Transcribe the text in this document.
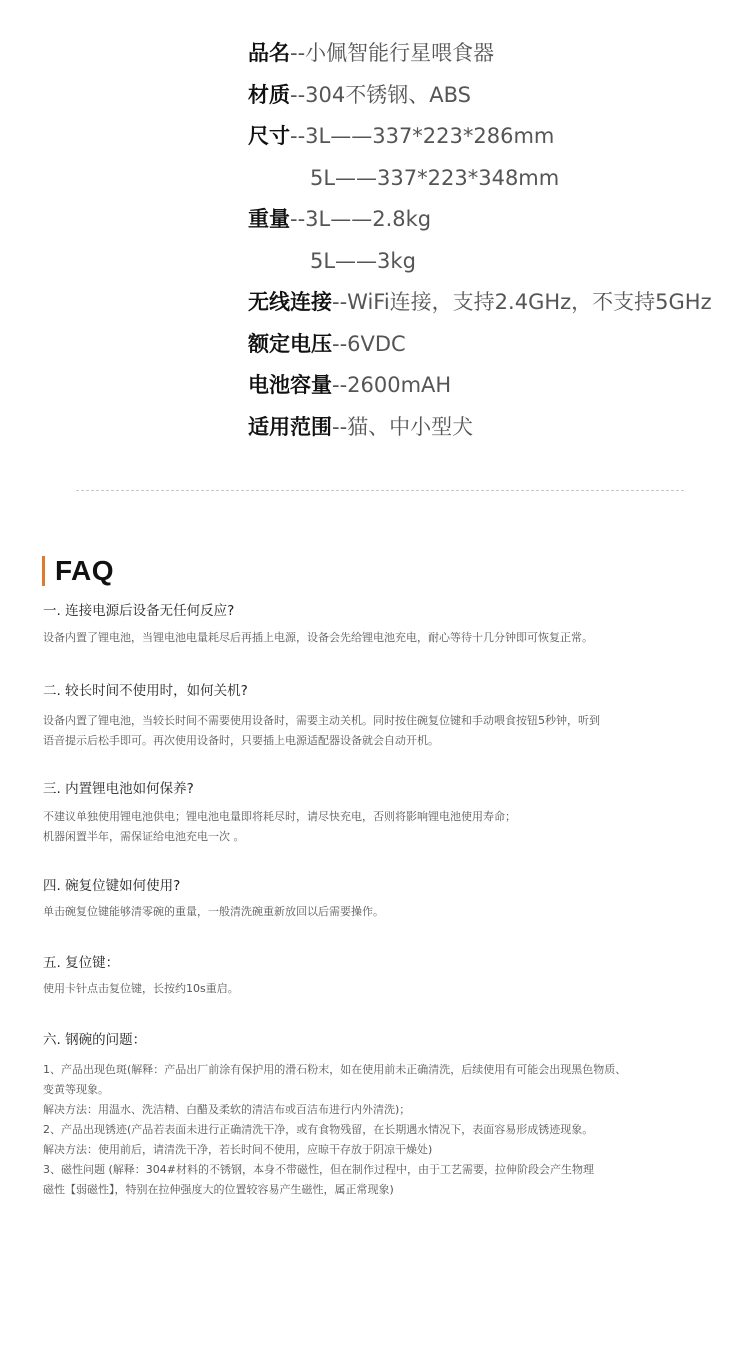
品名--小佩智能行星喂食器
材质--304不锈钢、ABS
尺寸--3L——337*223*286mm
5L——337*223*348mm
重量--3L——2.8kg
5L——3kg
无线连接--WiFi连接，支持2.4GHz，不支持5GHz
额定电压--6VDC
电池容量--2600mAH
适用范围--猫、中小型犬
FAQ

一. 连接电源后设备无任何反应?

设备内置了锂电池，当锂电池电量耗尽后再插上电源，设备会先给锂电池充电，耐心等待十几分钟即可恢复正常。

二. 较长时间不使用时，如何关机?

设备内置了锂电池，当较长时间不需要使用设备时，需要主动关机。同时按住碗复位键和手动喂食按钮5秒钟，听到

语音提示后松手即可。再次使用设备时，只要插上电源适配器设备就会自动开机。

三. 内置锂电池如何保养?

不建议单独使用锂电池供电；锂电池电量即将耗尽时，请尽快充电，否则将影响锂电池使用寿命；

机器闲置半年，需保证给电池充电一次 。

四. 碗复位键如何使用?

单击碗复位键能够清零碗的重量，一般清洗碗重新放回以后需要操作。

五. 复位键：

使用卡针点击复位键，长按约10s重启。

六. 钢碗的问题：

1、产品出现色斑(解释：产品出厂前涂有保护用的滑石粉末，如在使用前未正确清洗，后续使用有可能会出现黑色物质、

变黄等现象。

解决方法：用温水、洗洁精、白醋及柔软的清洁布或百洁布进行内外清洗)；

2、产品出现锈迹(产品若表面未进行正确清洗干净，或有食物残留，在长期遇水情况下，表面容易形成锈迹现象。

解决方法：使用前后，请清洗干净，若长时间不使用，应晾干存放于阴凉干燥处)

3、磁性问题 (解释：304#材料的不锈钢，本身不带磁性，但在制作过程中，由于工艺需要，拉伸阶段会产生物理

磁性【弱磁性】，特别在拉伸强度大的位置较容易产生磁性，属正常现象)
